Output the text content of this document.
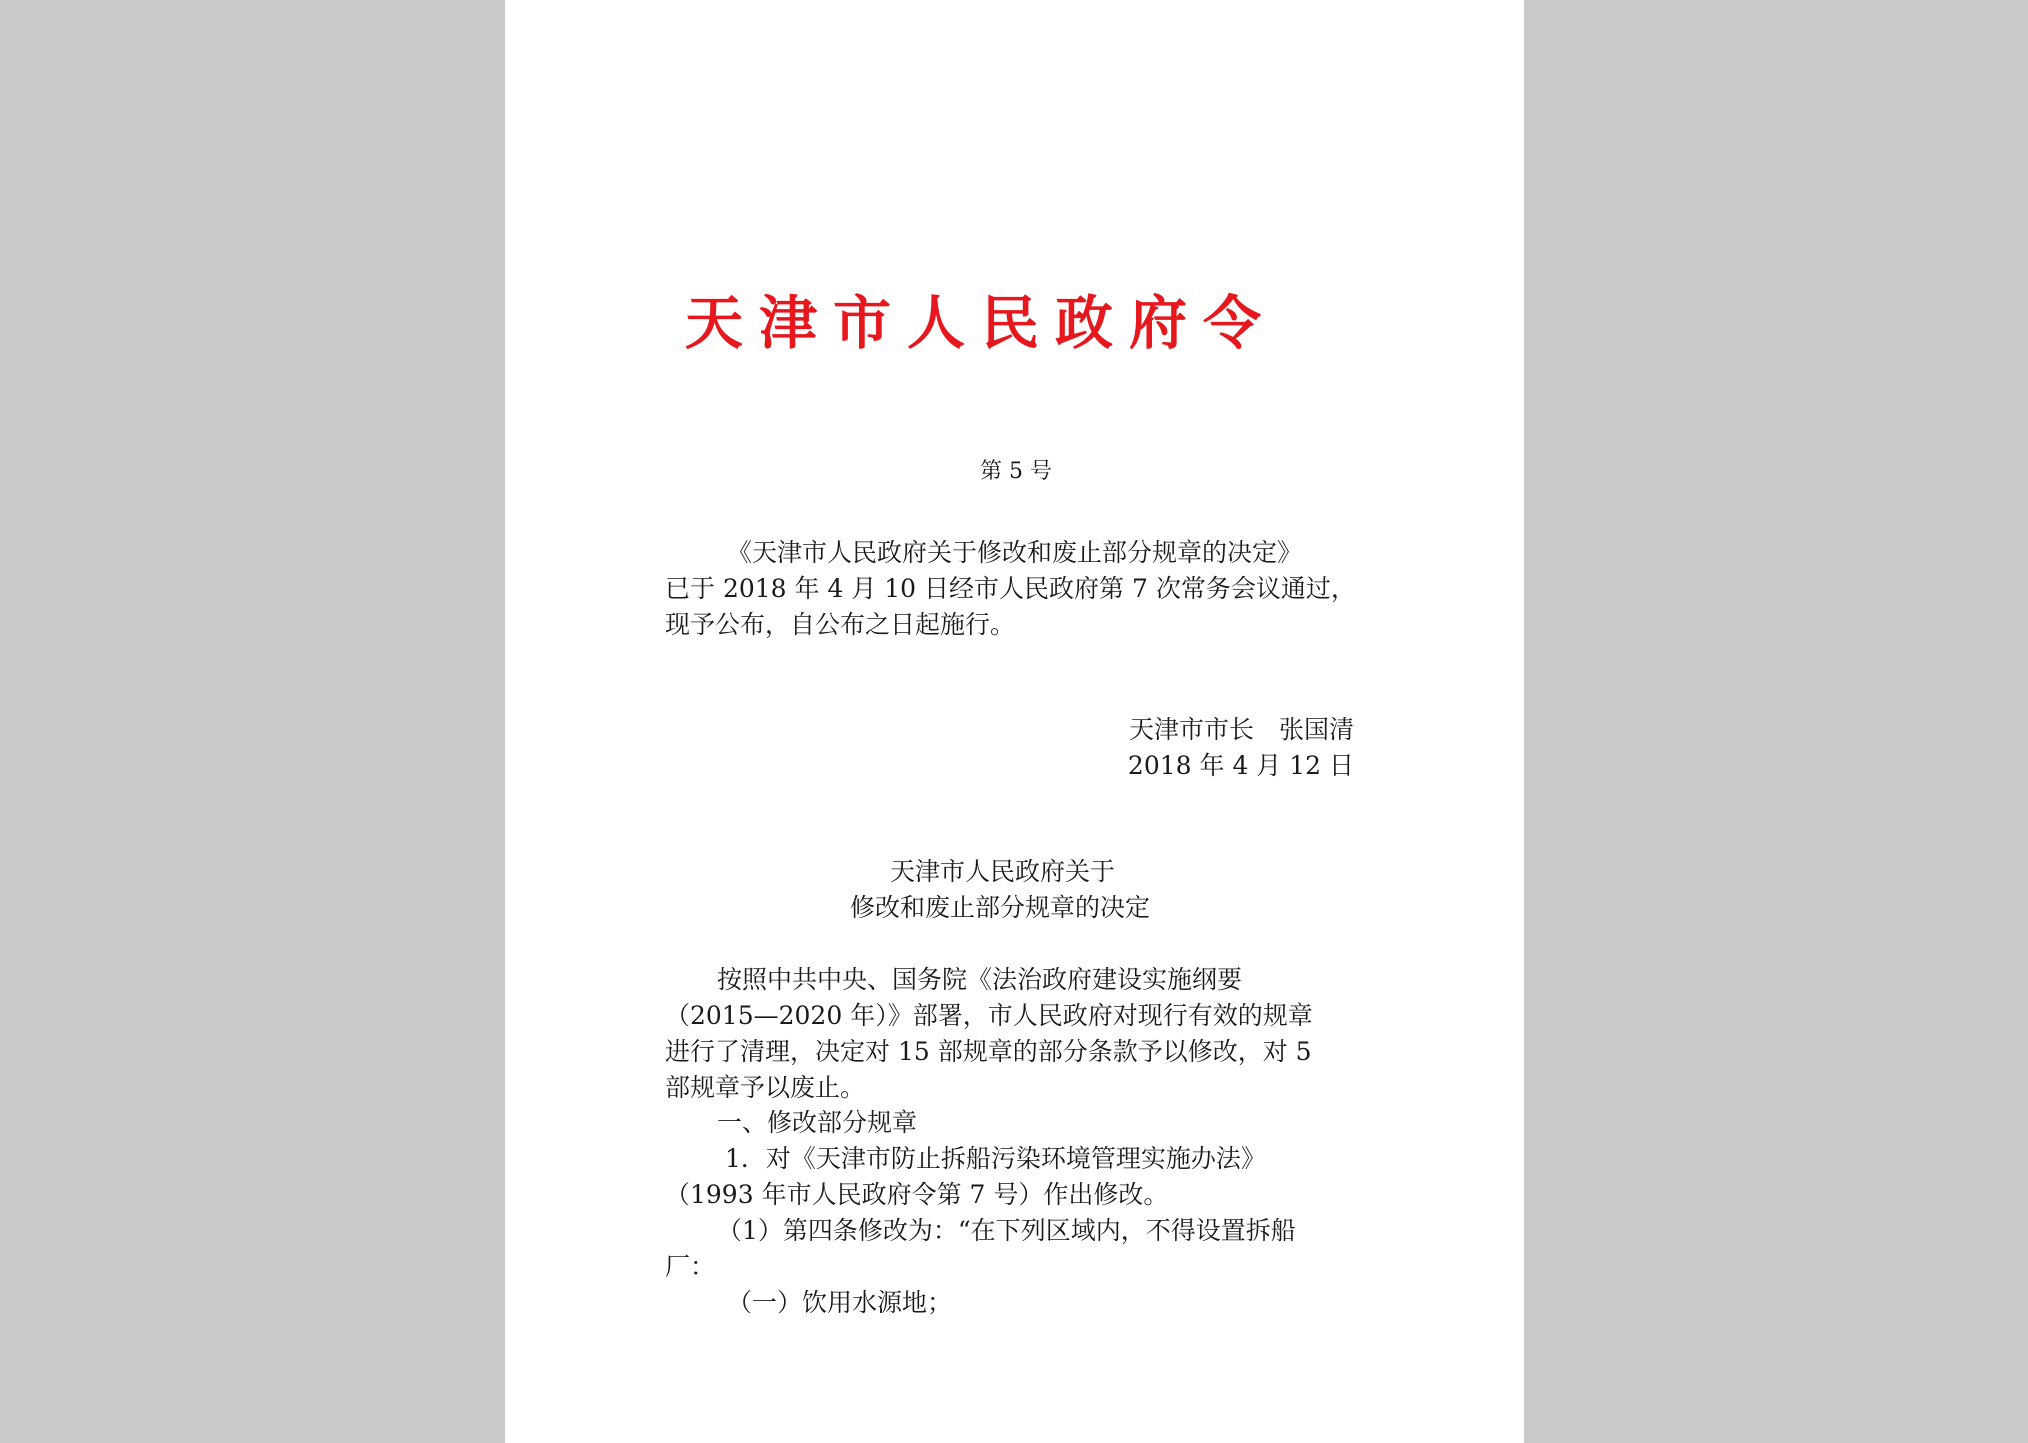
天津市人民政府令
第 5 号
《天津市人民政府关于修改和废止部分规章的决定》
已于 2018 年 4 月 10 日经市人民政府第 7 次常务会议通过，
现予公布，自公布之日起施行。
天津市市长　张国清
2018 年 4 月 12 日
天津市人民政府关于
修改和废止部分规章的决定
按照中共中央、国务院《法治政府建设实施纲要
（2015—2020 年）》部署，市人民政府对现行有效的规章
进行了清理，决定对 15 部规章的部分条款予以修改，对 5
部规章予以废止。
一、修改部分规章
1．对《天津市防止拆船污染环境管理实施办法》
（1993 年市人民政府令第 7 号）作出修改。
（1）第四条修改为：“在下列区域内，不得设置拆船
厂：
（一）饮用水源地；
